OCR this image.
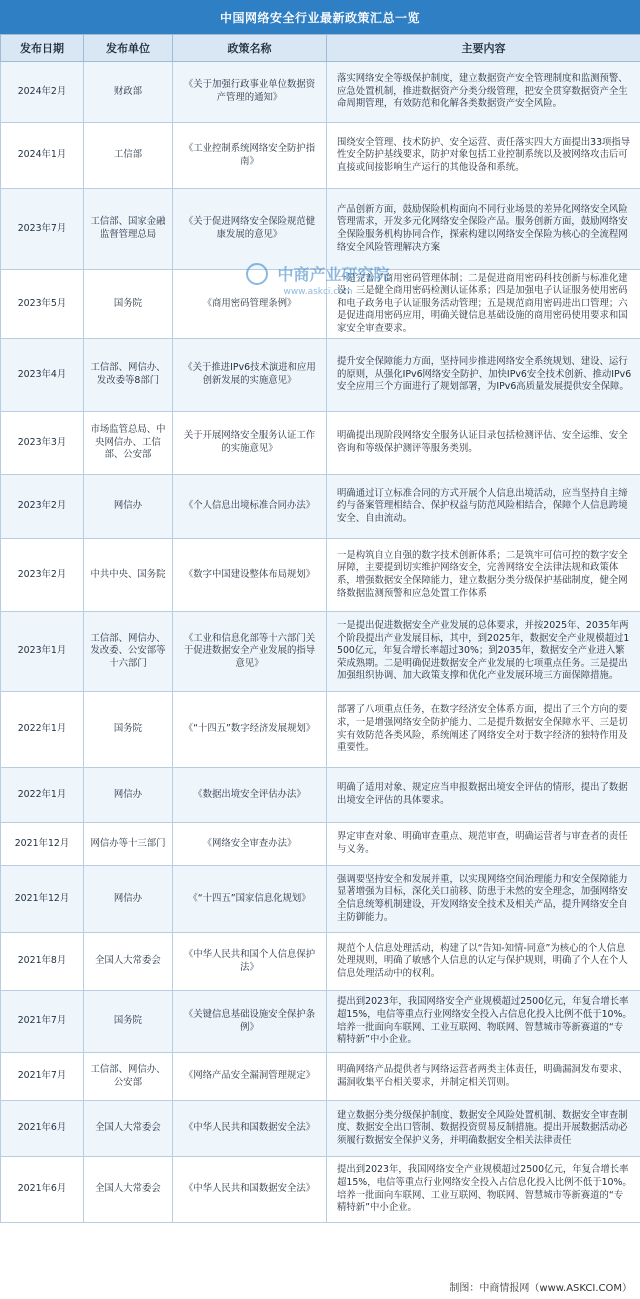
中国网络安全行业最新政策汇总一览
发布日期	发布单位	政策名称	主要内容
2024年2月	财政部	《关于加强行政事业单位数据资产管理的通知》	落实网络安全等级保护制度，建立数据资产安全管理制度和监测预警、应急处置机制，推进数据资产分类分级管理，把安全贯穿数据资产全生命周期管理，有效防范和化解各类数据资产安全风险。
2024年1月	工信部	《工业控制系统网络安全防护指南》	围绕安全管理、技术防护、安全运营、责任落实四大方面提出33项指导性安全防护基线要求，防护对象包括工业控制系统以及被网络攻击后可直接或间接影响生产运行的其他设备和系统。
2023年7月	工信部、国家金融监督管理总局	《关于促进网络安全保险规范健康发展的意见》	产品创新方面，鼓励保险机构面向不同行业场景的差异化网络安全风险管理需求，开发多元化网络安全保险产品。服务创新方面，鼓励网络安全保险服务机构协同合作，探索构建以网络安全保险为核心的全流程网络安全风险管理解决方案
2023年5月	国务院	《商用密码管理条例》	一是完善了商用密码管理体制；二是促进商用密码科技创新与标准化建设；三是健全商用密码检测认证体系；四是加强电子认证服务使用密码和电子政务电子认证服务活动管理；五是规范商用密码进出口管理；六是促进商用密码应用，明确关键信息基础设施的商用密码使用要求和国家安全审查要求。
2023年4月	工信部、网信办、发改委等8部门	《关于推进IPv6技术演进和应用创新发展的实施意见》	提升安全保障能力方面，坚持同步推进网络安全系统规划、建设、运行的原则，从强化IPv6网络安全防护、加快IPv6安全技术创新、推动IPv6安全应用三个方面进行了规划部署，为IPv6高质量发展提供安全保障。
2023年3月	市场监管总局、中央网信办、工信部、公安部	关于开展网络安全服务认证工作的实施意见》	明确提出现阶段网络安全服务认证目录包括检测评估、安全运维、安全咨询和等级保护测评等服务类别。
2023年2月	网信办	《个人信息出境标准合同办法》	明确通过订立标准合同的方式开展个人信息出境活动，应当坚持自主缔约与备案管理相结合、保护权益与防范风险相结合，保障个人信息跨境安全、自由流动。
2023年2月	中共中央、国务院	《数字中国建设整体布局规划》	一是构筑自立自强的数字技术创新体系；二是筑牢可信可控的数字安全屏障，主要提到切实维护网络安全，完善网络安全法律法规和政策体系，增强数据安全保障能力，建立数据分类分级保护基础制度，健全网络数据监测预警和应急处置工作体系
2023年1月	工信部、网信办、发改委、公安部等十六部门	《工业和信息化部等十六部门关于促进数据安全产业发展的指导意见》	一是提出促进数据安全产业发展的总体要求，并按2025年、2035年两个阶段提出产业发展目标，其中，到2025年，数据安全产业规模超过1500亿元，年复合增长率超过30%；到2035年，数据安全产业进入繁荣成熟期。二是明确促进数据安全产业发展的七项重点任务。三是提出加强组织协调、加大政策支撑和优化产业发展环境三方面保障措施。
2022年1月	国务院	《“十四五”数字经济发展规划》	部署了八项重点任务，在数字经济安全体系方面，提出了三个方向的要求，一是增强网络安全防护能力、二是提升数据安全保障水平、三是切实有效防范各类风险，系统阐述了网络安全对于数字经济的独特作用及重要性。
2022年1月	网信办	《数据出境安全评估办法》	明确了适用对象、规定应当申报数据出境安全评估的情形，提出了数据出境安全评估的具体要求。
2021年12月	网信办等十三部门	《网络安全审查办法》	界定审查对象、明确审查重点、规范审查，明确运营者与审查者的责任与义务。
2021年12月	网信办	《“十四五”国家信息化规划》	强调要坚持安全和发展并重，以实现网络空间治理能力和安全保障能力显著增强为目标，深化关口前移、防患于未然的安全理念，加强网络安全信息统筹机制建设，开发网络安全技术及相关产品，提升网络安全自主防御能力。
2021年8月	全国人大常委会	《中华人民共和国个人信息保护法》	规范个人信息处理活动，构建了以“告知-知情-同意”为核心的个人信息处理规则，明确了敏感个人信息的认定与保护规则，明确了个人在个人信息处理活动中的权利。
2021年7月	国务院	《关键信息基础设施安全保护条例》	提出到2023年，我国网络安全产业规模超过2500亿元，年复合增长率超15%，电信等重点行业网络安全投入占信息化投入比例不低于10%。培养一批面向车联网、工业互联网、物联网、智慧城市等新赛道的“专精特新”中小企业。
2021年7月	工信部、网信办、公安部	《网络产品安全漏洞管理规定》	明确网络产品提供者与网络运营者两类主体责任，明确漏洞发布要求、漏洞收集平台相关要求，并制定相关罚则。
2021年6月	全国人大常委会	《中华人民共和国数据安全法》	建立数据分类分级保护制度、数据安全风险处置机制、数据安全审查制度、数据安全出口管制、数据投资贸易反制措施。提出开展数据活动必须履行数据安全保护义务，并明确数据安全相关法律责任
2021年6月	全国人大常委会	《中华人民共和国数据安全法》	提出到2023年，我国网络安全产业规模超过2500亿元，年复合增长率超15%，电信等重点行业网络安全投入占信息化投入比例不低于10%。培养一批面向车联网、工业互联网、物联网、智慧城市等新赛道的“专精特新”中小企业。
中商产业研究院
www.askci.com
制图：中商情报网（www.ASKCI.COM）
